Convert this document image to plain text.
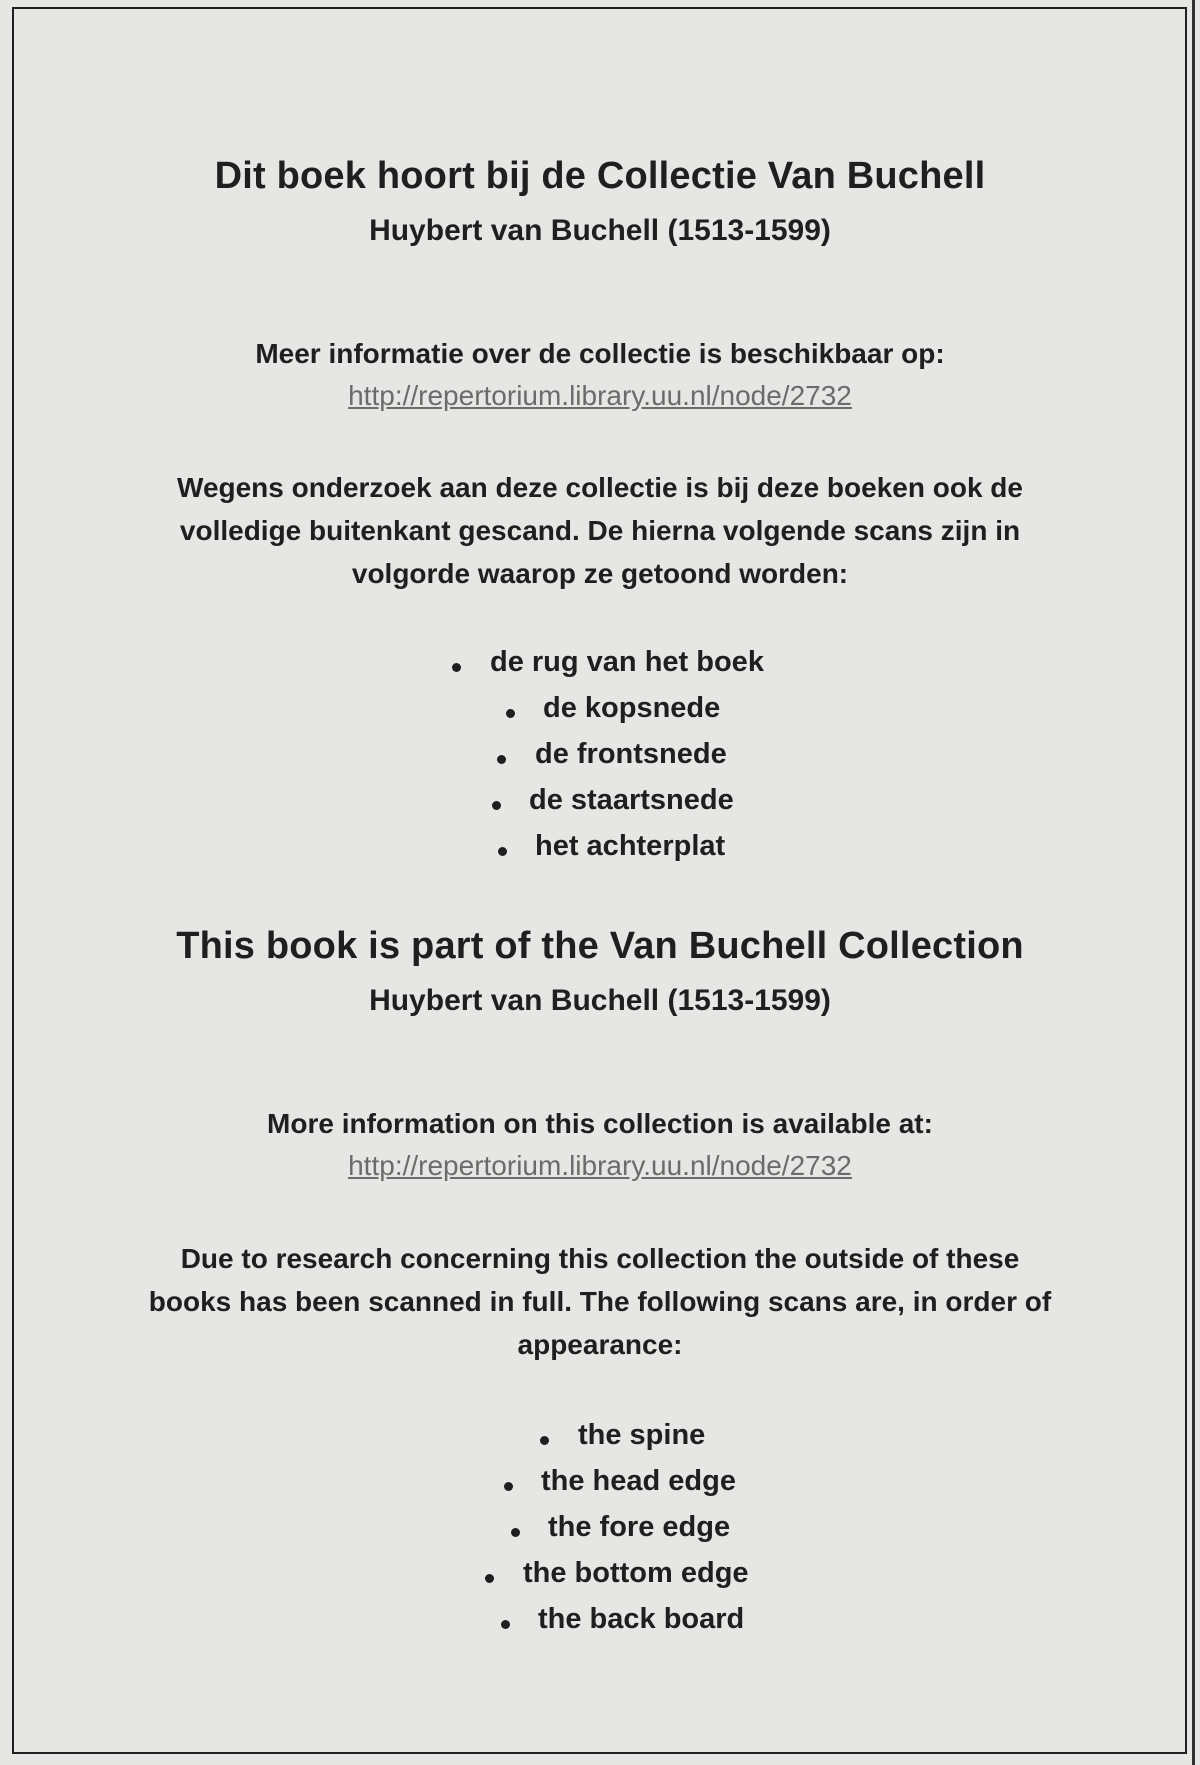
Dit boek hoort bij de Collectie Van Buchell
Huybert van Buchell (1513-1599)

Meer informatie over de collectie is beschikbaar op:

http://repertorium.library.uu.nl/node/2732

Wegens onderzoek aan deze collectie is bij deze boeken ook de
volledige buitenkant gescand. De hierna volgende scans zijn in
volgorde waarop ze getoond worden:
de rug van het boek
de kopsnede
de frontsnede
de staartsnede
het achterplat
This book is part of the Van Buchell Collection
Huybert van Buchell (1513-1599)

More information on this collection is available at:

http://repertorium.library.uu.nl/node/2732

Due to research concerning this collection the outside of these
books has been scanned in full. The following scans are, in order of
appearance:
the spine
the head edge
the fore edge
the bottom edge
the back board
